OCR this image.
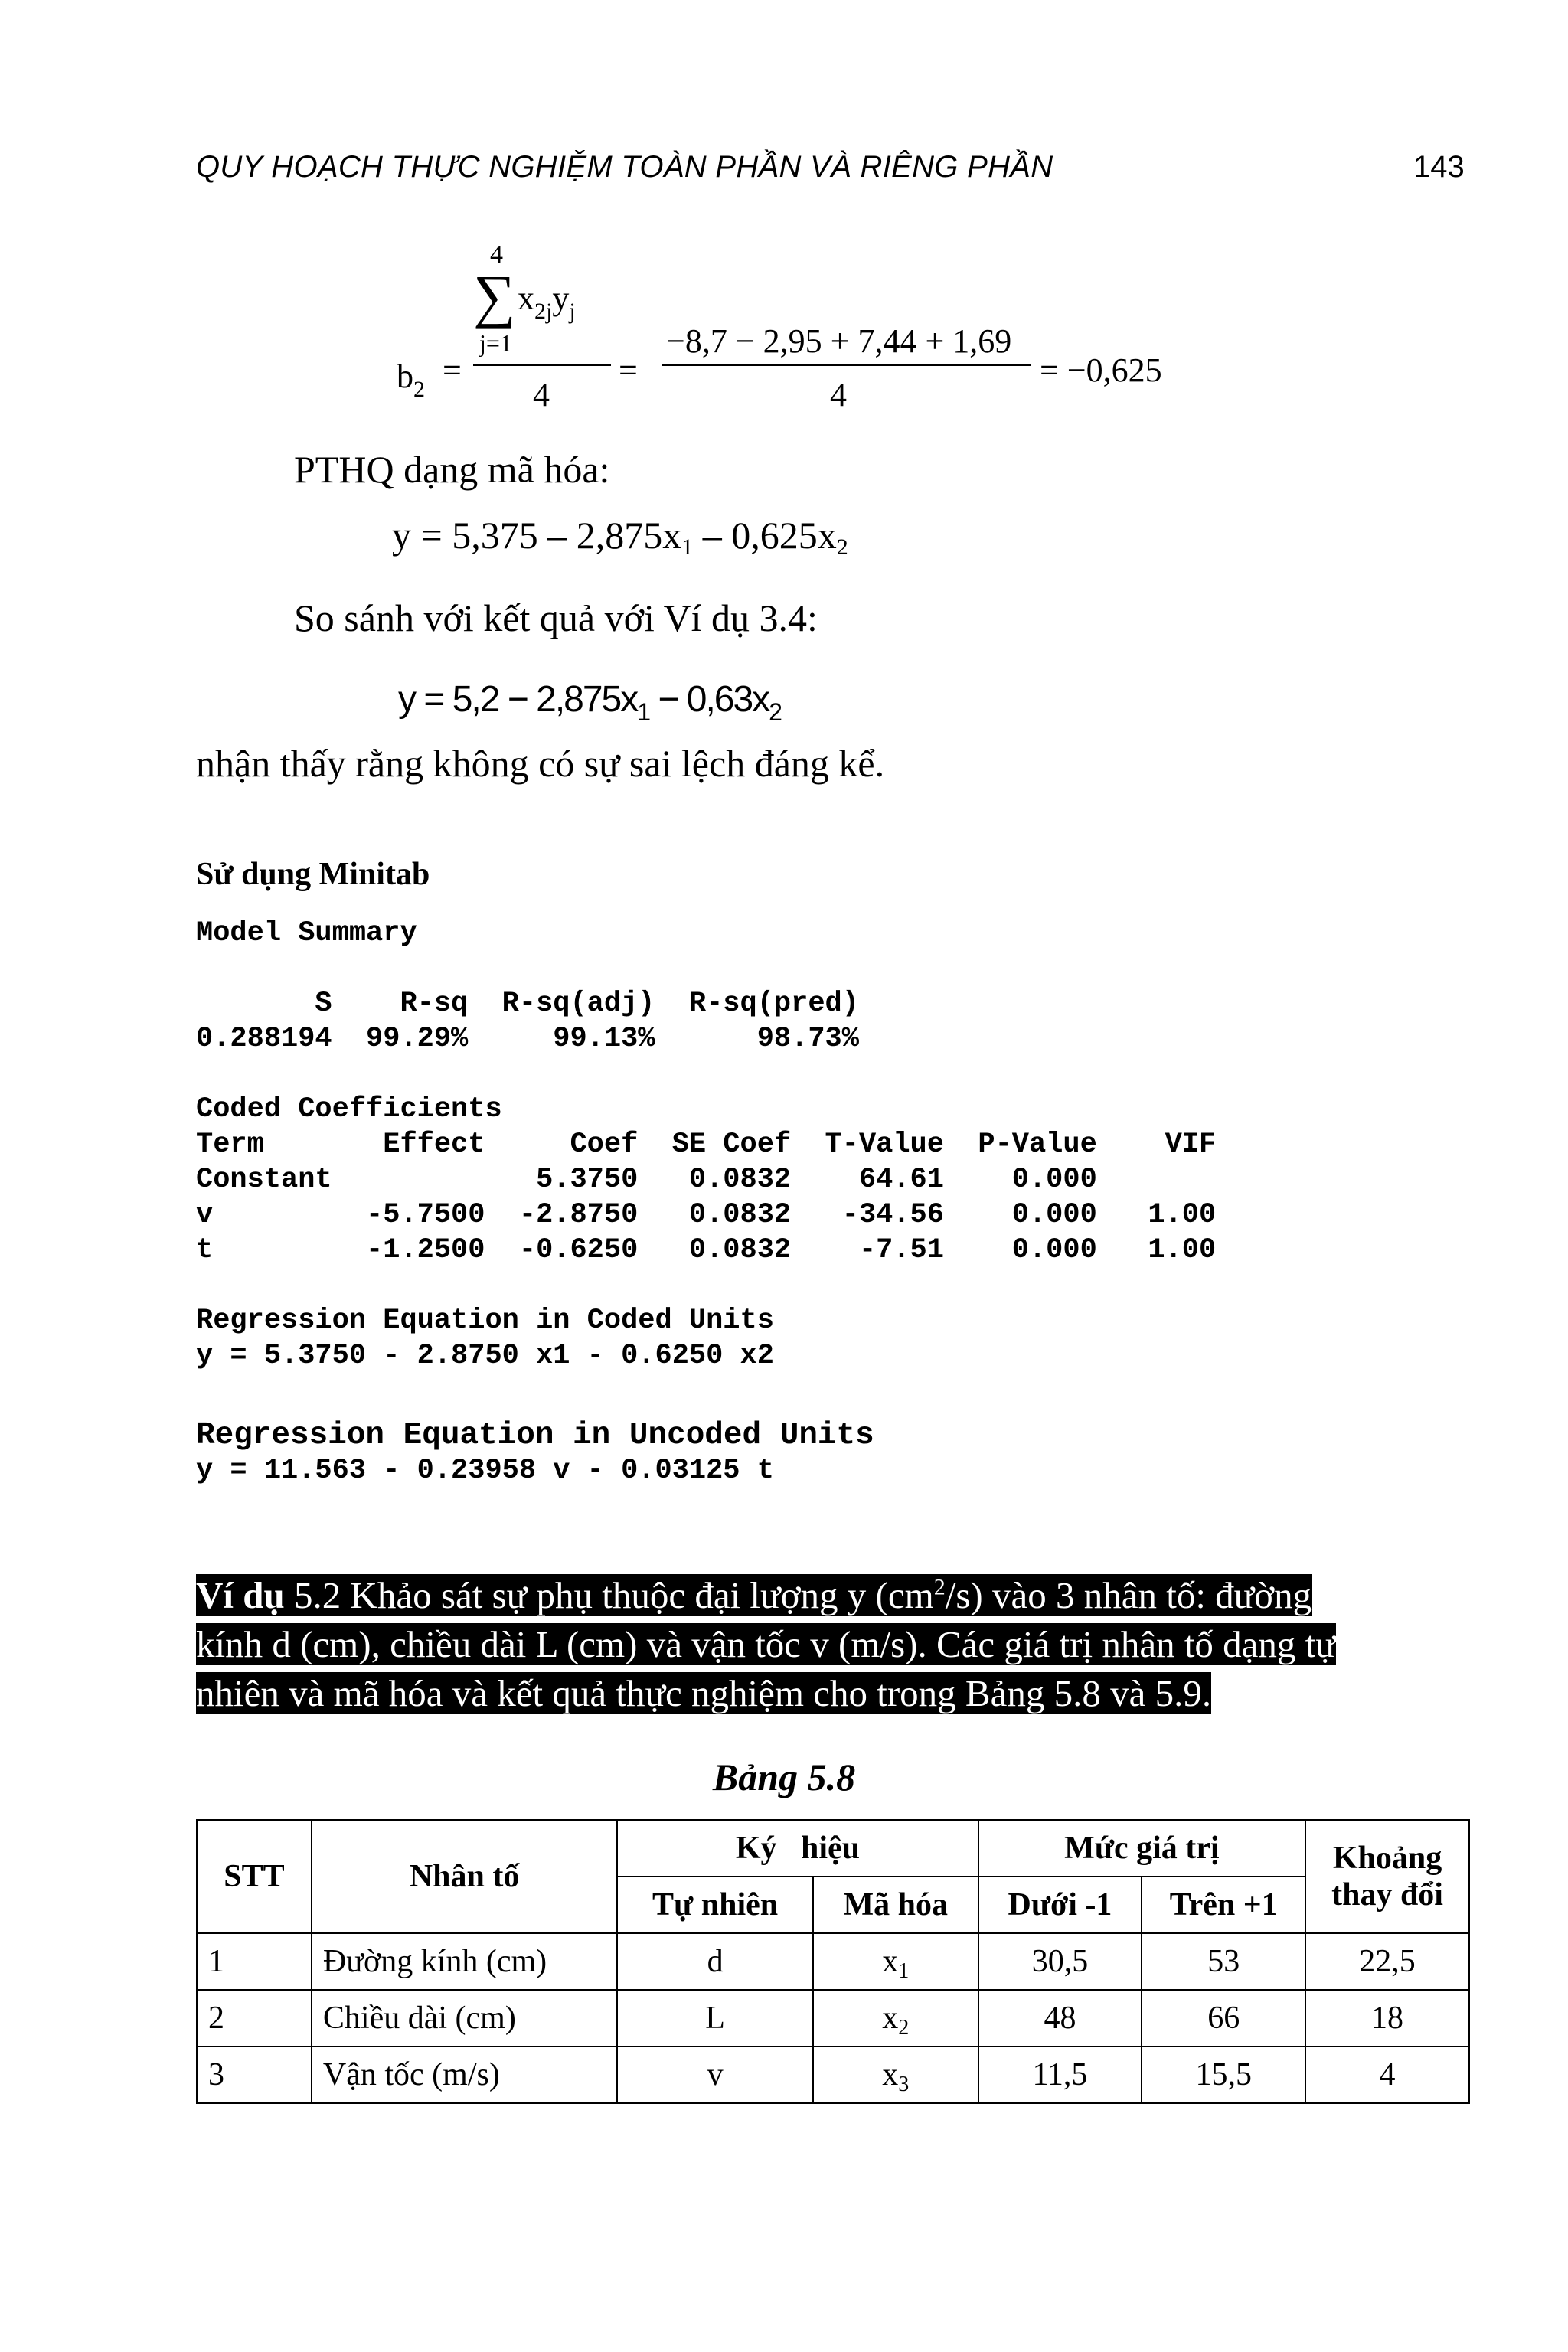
QUY HOẠCH THỰC NGHIỆM TOÀN PHẦN VÀ RIÊNG PHẦN	143
$b_2$
=
4
∑ $x_{2j}y_j$
j=1
4
=
−8,7 − 2,95 + 7,44 + 1,69
4
= −0,625
PTHQ dạng mã hóa:
y = 5,375 – 2,875x1 – 0,625x2
So sánh với kết quả với Ví dụ 3.4:
$y = 5,2 - 2,875x_1 - 0,63x_2$
nhận thấy rằng không có sự sai lệch đáng kể.
Sử dụng Minitab
Model Summary
S    R-sq  R-sq(adj)  R-sq(pred)
0.288194  99.29%     99.13%      98.73%
Coded Coefficients
Term       Effect     Coef  SE Coef  T-Value  P-Value    VIF
Constant            5.3750   0.0832    64.61    0.000
v         -5.7500  -2.8750   0.0832   -34.56    0.000   1.00
t         -1.2500  -0.6250   0.0832    -7.51    0.000   1.00
Regression Equation in Coded Units
y = 5.3750 - 2.8750 x1 - 0.6250 x2
Regression Equation in Uncoded Units
y = 11.563 - 0.23958 v - 0.03125 t
Ví dụ 5.2 Khảo sát sự phụ thuộc đại lượng y $(cm^2/s)$ vào 3 nhân tố: đường
kính d (cm), chiều dài L (cm) và vận tốc v (m/s). Các giá trị nhân tố dạng tự
nhiên và mã hóa và kết quả thực nghiệm cho trong Bảng 5.8 và 5.9.
Bảng 5.8
STT	Nhân tố	Ký   hiệu		Mức giá trị		Khoảng
thay đổi
		Tự nhiên	Mã hóa	Dưới -1	Trên +1	
1	Đường kính (cm)	d	x1	30,5	53	22,5
2	Chiều dài (cm)	L	x2	48	66	18
3	Vận tốc (m/s)	v	x3	11,5	15,5	4
